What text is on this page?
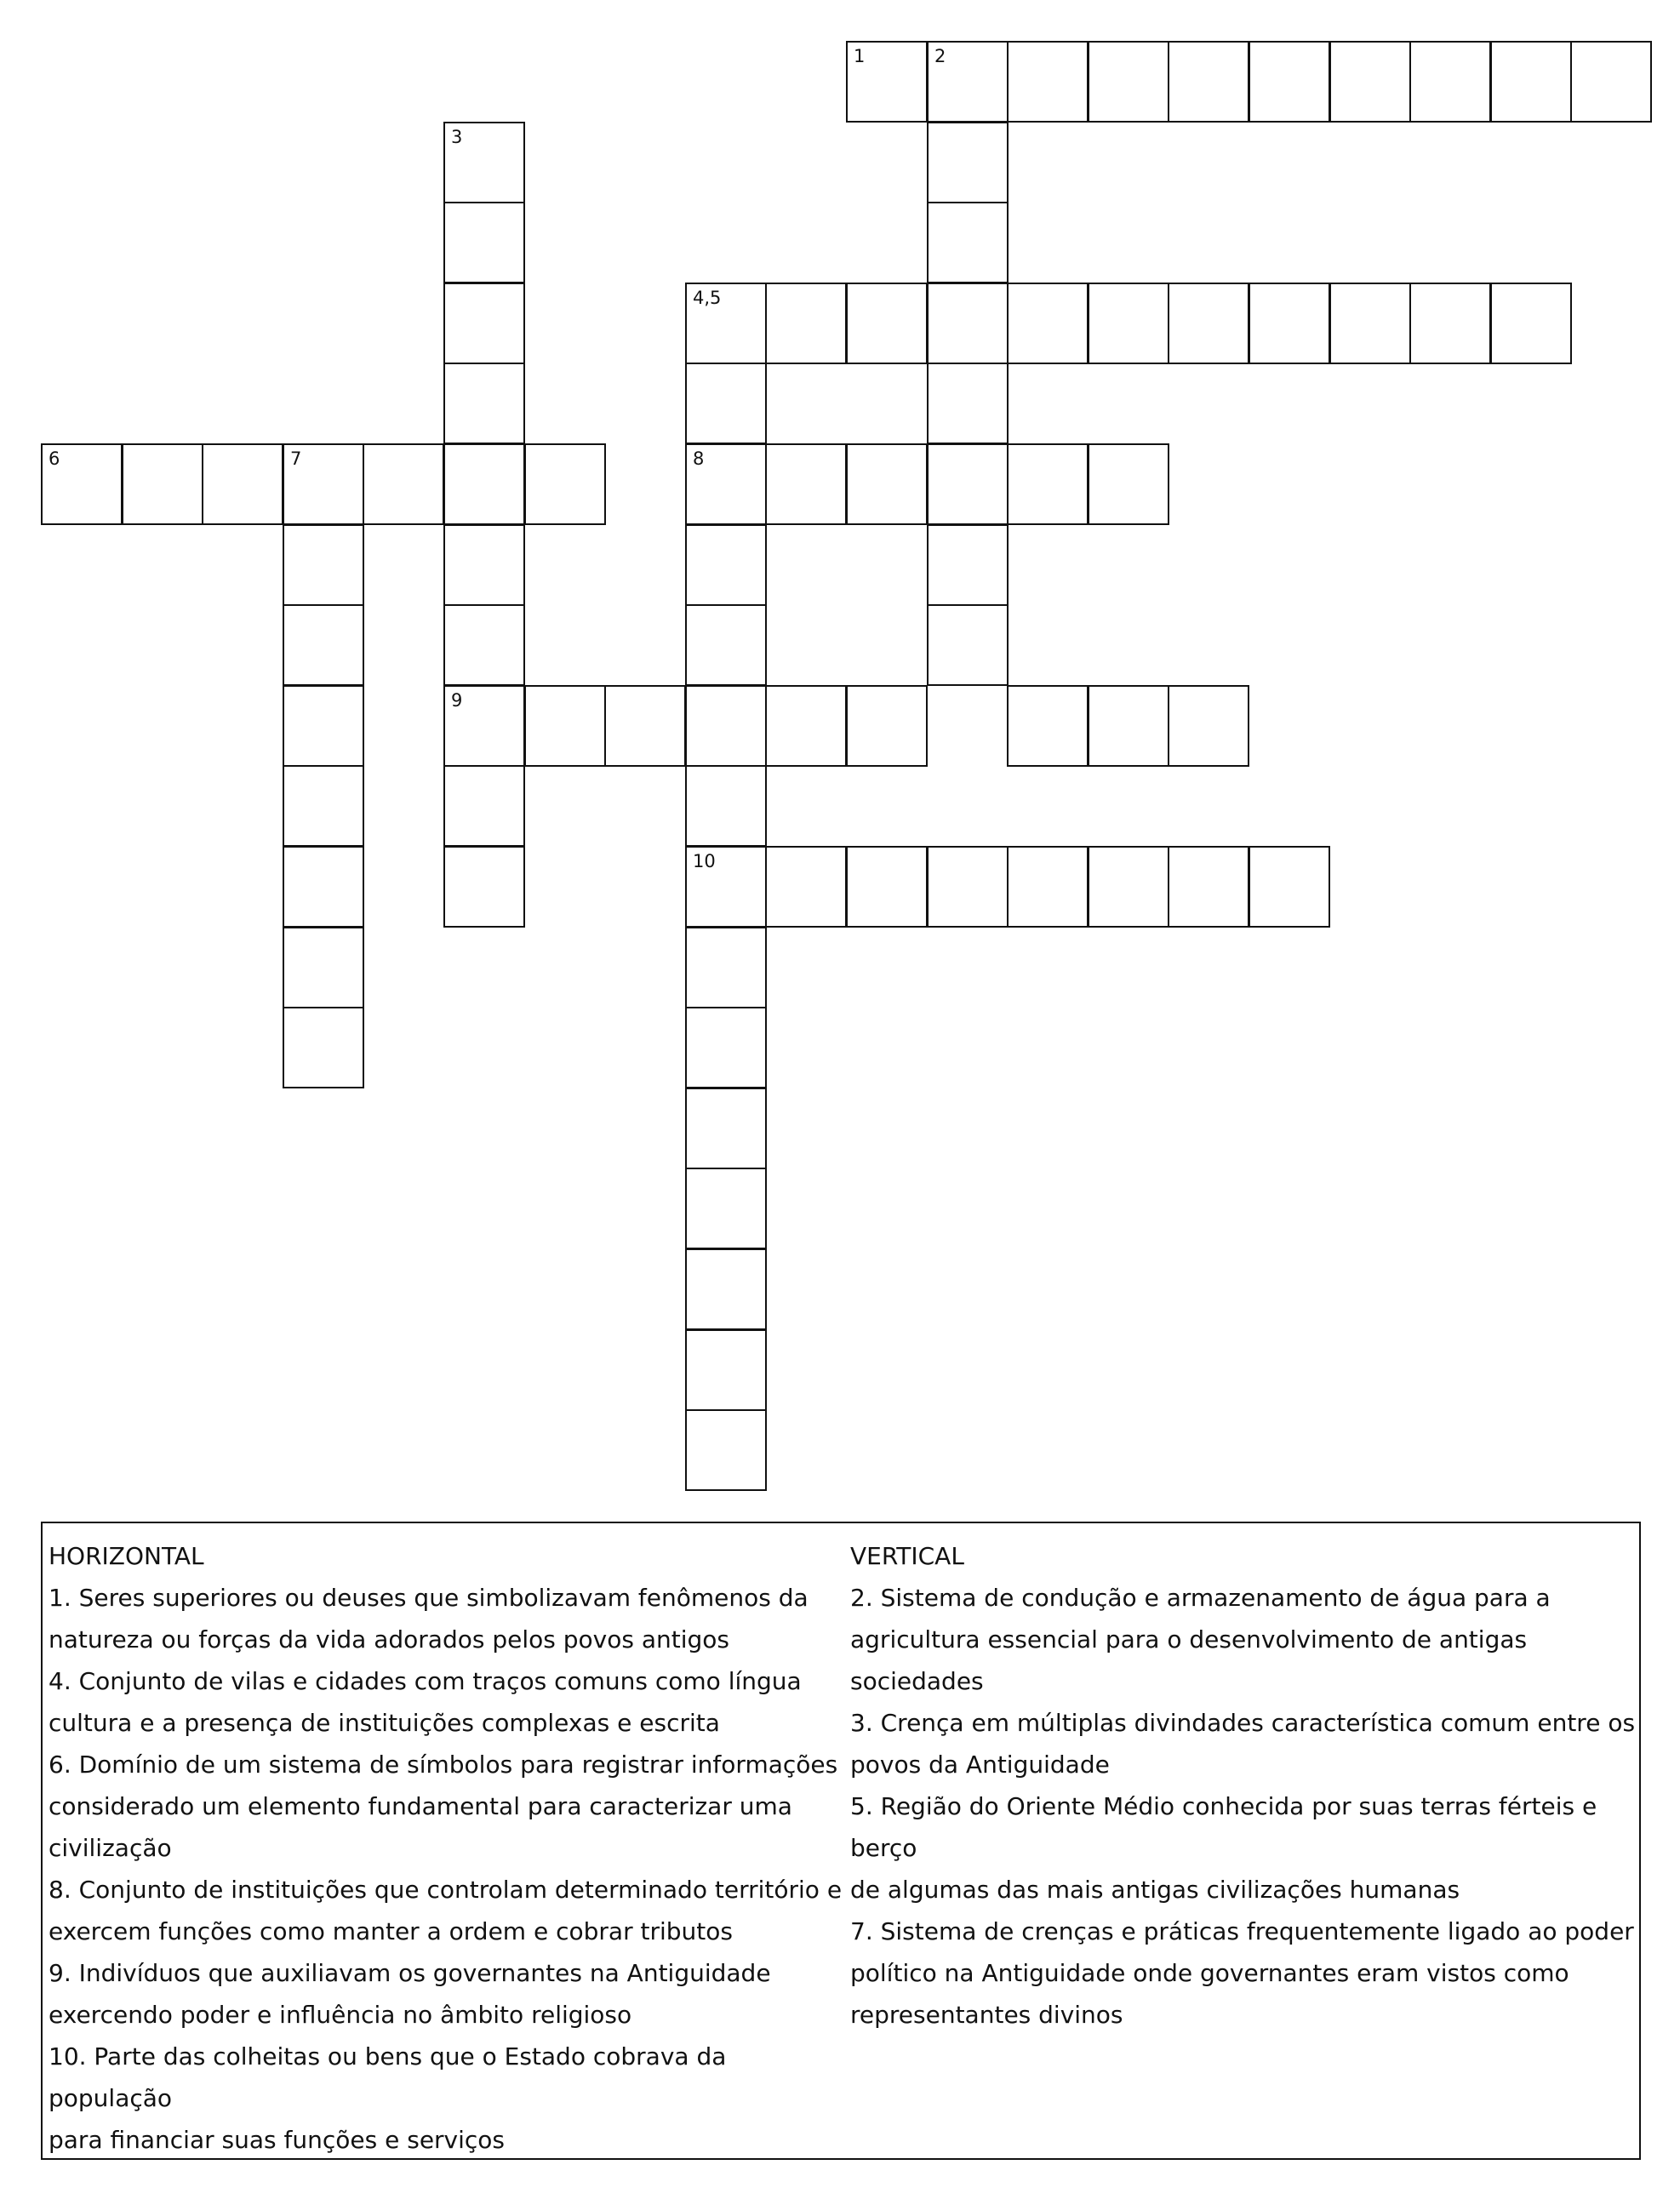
1	2
3
9
4,5
8
10
6	7
HORIZONTAL
1. Seres superiores ou deuses que simbolizavam fenômenos da
natureza ou forças da vida adorados pelos povos antigos
4. Conjunto de vilas e cidades com traços comuns como língua
cultura e a presença de instituições complexas e escrita
6. Domínio de um sistema de símbolos para registrar informações
considerado um elemento fundamental para caracterizar uma
civilização
8. Conjunto de instituições que controlam determinado território e
exercem funções como manter a ordem e cobrar tributos
9. Indivíduos que auxiliavam os governantes na Antiguidade
exercendo poder e influência no âmbito religioso
10. Parte das colheitas ou bens que o Estado cobrava da população
para financiar suas funções e serviços
VERTICAL
2. Sistema de condução e armazenamento de água para a
agricultura essencial para o desenvolvimento de antigas sociedades
3. Crença em múltiplas divindades característica comum entre os
povos da Antiguidade
5. Região do Oriente Médio conhecida por suas terras férteis e berço
de algumas das mais antigas civilizações humanas
7. Sistema de crenças e práticas frequentemente ligado ao poder
político na Antiguidade onde governantes eram vistos como
representantes divinos
